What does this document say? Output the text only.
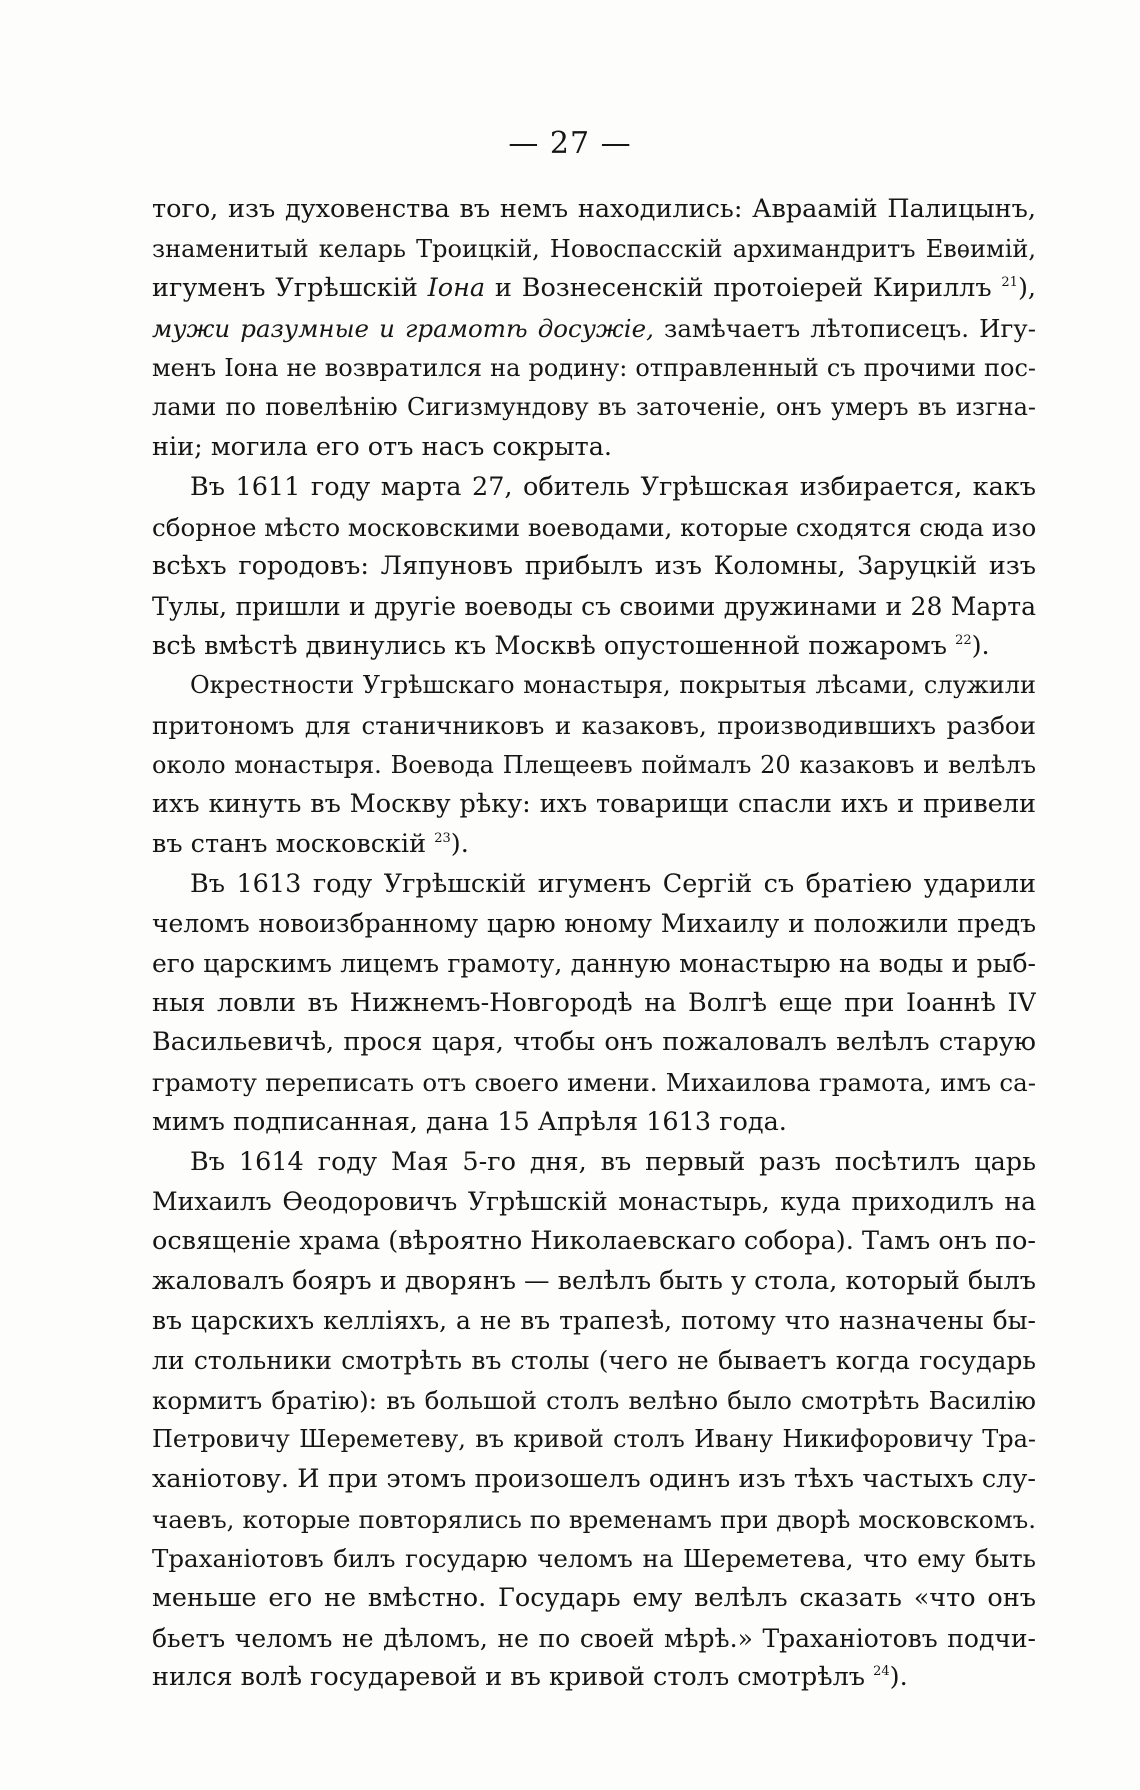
— 27 —
того, изъ духовенства въ немъ находились: Авраамій Палицынъ,
знаменитый келарь Троицкій, Новоспасскій архимандритъ Евѳимій,
игуменъ Угрѣшскій Іона и Вознесенскій протоіерей Кириллъ $^{21}$),
мужи разумные и грамотѣ досужіе, замѣчаетъ лѣтописецъ. Игу-
менъ Іона не возвратился на родину: отправленный съ прочими пос-
лами по повелѣнію Сигизмундову въ заточеніе, онъ умеръ въ изгна-
ніи; могила его отъ насъ сокрыта.
Въ 1611 году марта 27, обитель Угрѣшская избирается, какъ
сборное мѣсто московскими воеводами, которые сходятся сюда изо
всѣхъ городовъ: Ляпуновъ прибылъ изъ Коломны, Заруцкій изъ
Тулы, пришли и другіе воеводы съ своими дружинами и 28 Марта
всѣ вмѣстѣ двинулись къ Москвѣ опустошенной пожаромъ $^{22}$).
Окрестности Угрѣшскаго монастыря, покрытыя лѣсами, служили
притономъ для станичниковъ и казаковъ, производившихъ разбои
около монастыря. Воевода Плещеевъ поймалъ 20 казаковъ и велѣлъ
ихъ кинуть въ Москву рѣку: ихъ товарищи спасли ихъ и привели
въ станъ московскій $^{23}$).
Въ 1613 году Угрѣшскій игуменъ Сергій съ братіею ударили
челомъ новоизбранному царю юному Михаилу и положили предъ
его царскимъ лицемъ грамоту, данную монастырю на воды и рыб-
ныя ловли въ Нижнемъ-Новгородѣ на Волгѣ еще при Іоаннѣ IV
Васильевичѣ, прося царя, чтобы онъ пожаловалъ велѣлъ старую
грамоту переписать отъ своего имени. Михаилова грамота, имъ са-
мимъ подписанная, дана 15 Апрѣля 1613 года.
Въ 1614 году Мая 5-го дня, въ первый разъ посѣтилъ царь
Михаилъ Ѳеодоровичъ Угрѣшскій монастырь, куда приходилъ на
освященіе храма (вѣроятно Николаевскаго собора). Тамъ онъ по-
жаловалъ бояръ и дворянъ — велѣлъ быть у стола, который былъ
въ царскихъ келліяхъ, а не въ трапезѣ, потому что назначены бы-
ли стольники смотрѣть въ столы (чего не бываетъ когда государь
кормитъ братію): въ большой столъ велѣно было смотрѣть Василію
Петровичу Шереметеву, въ кривой столъ Ивану Никифоровичу Тра-
ханіотову. И при этомъ произошелъ одинъ изъ тѣхъ частыхъ слу-
чаевъ, которые повторялись по временамъ при дворѣ московскомъ.
Траханіотовъ билъ государю челомъ на Шереметева, что ему быть
меньше его не вмѣстно. Государь ему велѣлъ сказать «что онъ
бьетъ челомъ не дѣломъ, не по своей мѣрѣ.» Траханіотовъ подчи-
нился волѣ государевой и въ кривой столъ смотрѣлъ $^{24}$).
